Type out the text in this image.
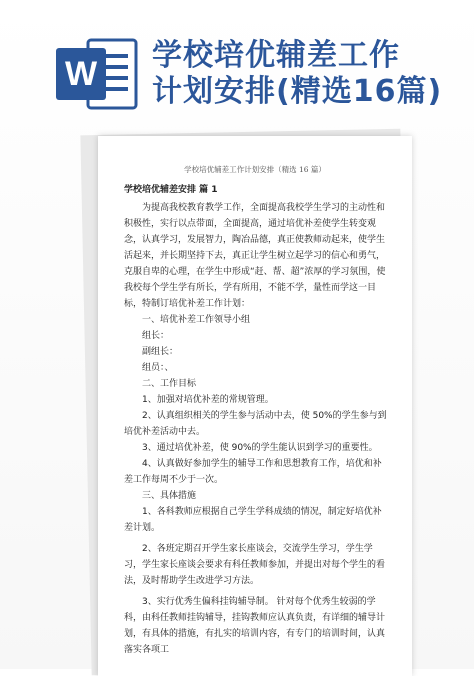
W 学校培优辅差工作
计划安排(精选16篇)
学校培优辅差工作计划安排（精选 16 篇）

学校培优辅差安排 篇 1

为提高我校教育教学工作，全面提高我校学生学习的主动性和积极性，实行以点带面，全面提高，通过培优补差使学生转变观念，认真学习，发展智力，陶冶品德，真正使教师动起来，使学生活起来，并长期坚持下去，真正让学生树立起学习的信心和勇气，克服自卑的心理，在学生中形成“赶、帮、超”浓厚的学习氛围，使我校每个学生学有所长，学有所用，不能不学，量性而学这一目标，特制订培优补差工作计划：

一、培优补差工作领导小组

组长：

副组长：

组员：、

二、工作目标

1、加强对培优补差的常规管理。

2、认真组织相关的学生参与活动中去，使 50%的学生参与到培优补差活动中去。

3、通过培优补差，使 90%的学生能认识到学习的重要性。

4、认真做好参加学生的辅导工作和思想教育工作，培优和补差工作每周不少于一次。

三、具体措施

1、各科教师应根据自己学生学科成绩的情况，制定好培优补差计划。

2、各班定期召开学生家长座谈会，交流学生学习，学生学习，学生家长座谈会要求有科任教师参加，并提出对每个学生的看法，及时帮助学生改进学习方法。

3、实行优秀生偏科挂钩辅导制。 针对每个优秀生较弱的学科，由科任教师挂钩辅导，挂钩教师应认真负责，有详细的辅导计划，有具体的措施，有扎实的培训内容，有专门的培训时间，认真落实各项工
